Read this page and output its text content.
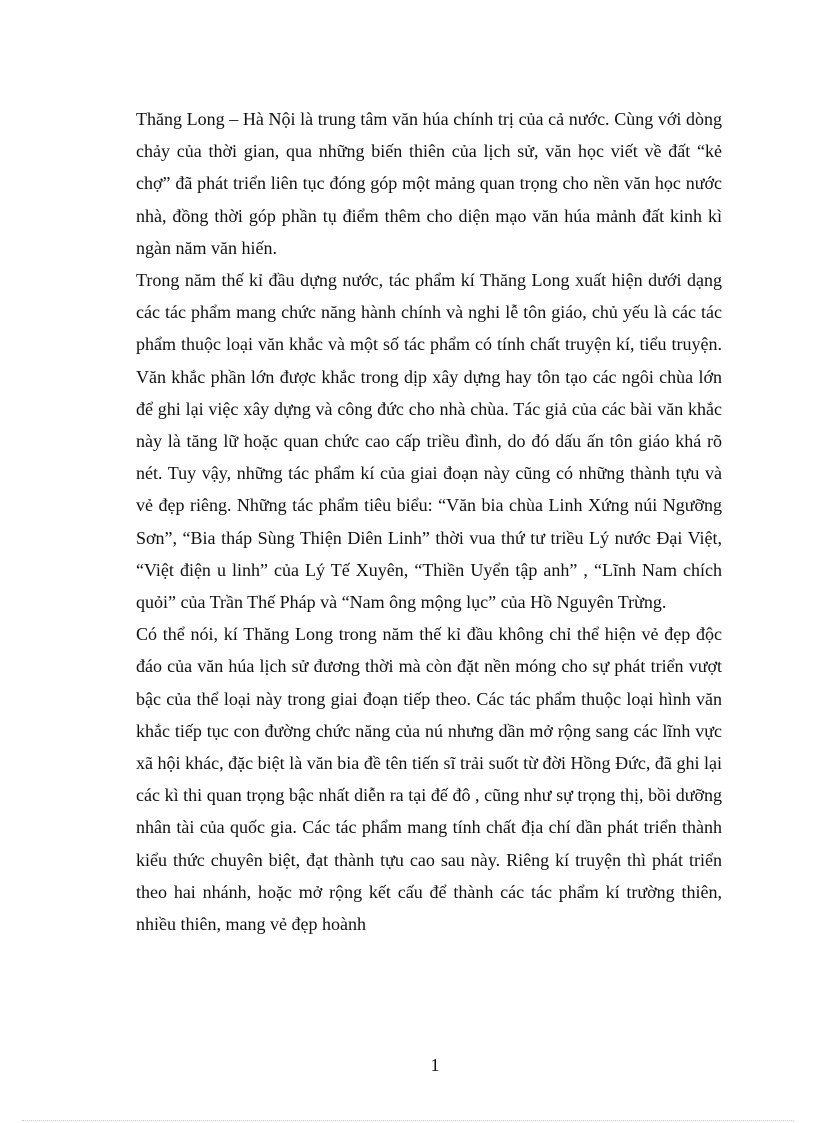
Thăng Long – Hà Nội là trung tâm văn húa chính trị của cả nước. Cùng với dòng chảy của thời gian, qua những biến thiên của lịch sử, văn học viết về đất “kẻ chợ” đã phát triển liên tục đóng góp một mảng quan trọng cho nền văn học nước nhà, đồng thời góp phần tụ điểm thêm cho diện mạo văn húa mảnh đất kinh kì ngàn năm văn hiến.

Trong năm thế kỉ đầu dựng nước, tác phẩm kí Thăng Long xuất hiện dưới dạng các tác phẩm mang chức năng hành chính và nghi lễ tôn giáo, chủ yếu là các tác phẩm thuộc loại văn khắc và một số tác phẩm có tính chất truyện kí, tiểu truyện. Văn khắc phần lớn được khắc trong dịp xây dựng hay tôn tạo các ngôi chùa lớn để ghi lại việc xây dựng và công đức cho nhà chùa. Tác giả của các bài văn khắc này là tăng lữ hoặc quan chức cao cấp triều đình, do đó dấu ấn tôn giáo khá rõ nét. Tuy vậy, những tác phẩm kí của giai đoạn này cũng có những thành tựu và vẻ đẹp riêng. Những tác phẩm tiêu biểu: “Văn bia chùa Linh Xứng núi Ngưỡng Sơn”, “Bia tháp Sùng Thiện Diên Linh” thời vua thứ tư triều Lý nước Đại Việt, “Việt điện u linh” của Lý Tế Xuyên, “Thiền Uyển tập anh” , “Lĩnh Nam chích quỏi” của Trần Thế Pháp và “Nam ông mộng lục” của Hồ Nguyên Trừng.

Có thể nói, kí Thăng Long trong năm thế kỉ đầu không chỉ thể hiện vẻ đẹp độc đáo của văn húa lịch sử đương thời mà còn đặt nền móng cho sự phát triển vượt bậc của thể loại này trong giai đoạn tiếp theo. Các tác phẩm thuộc loại hình văn khắc tiếp tục con đường chức năng của nú nhưng dần mở rộng sang các lĩnh vực xã hội khác, đặc biệt là văn bia đề tên tiến sĩ trải suốt từ đời Hồng Đức, đã ghi lại các kì thi quan trọng bậc nhất diễn ra tại đế đô , cũng như sự trọng thị, bồi dưỡng nhân tài của quốc gia. Các tác phẩm mang tính chất địa chí dần phát triển thành kiểu thức chuyên biệt, đạt thành tựu cao sau này. Riêng kí truyện thì phát triển theo hai nhánh, hoặc mở rộng kết cấu để thành các tác phẩm kí trường thiên, nhiều thiên, mang vẻ đẹp hoành

1
